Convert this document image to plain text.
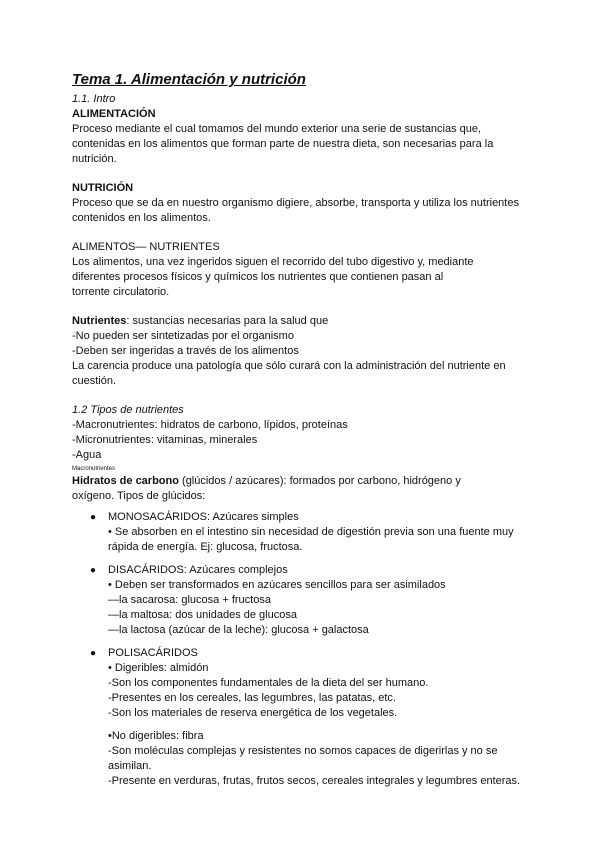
Tema 1. Alimentación y nutrición
1.1. Intro
ALIMENTACIÓN

Proceso mediante el cual tomamos del mundo exterior una serie de sustancias que,

contenidas en los alimentos que forman parte de nuestra dieta, son necesarias para la

nutrición.

NUTRICIÓN

Proceso que se da en nuestro organismo digiere, absorbe, transporta y utiliza los nutrientes

contenidos en los alimentos.

ALIMENTOS— NUTRIENTES

Los alimentos, una vez ingeridos siguen el recorrido del tubo digestivo y, mediante

diferentes procesos físicos y químicos los nutrientes que contienen pasan al

torrente circulatorio.

Nutrientes: sustancias necesarias para la salud que

-No pueden ser sintetizadas por el organismo

-Deben ser ingeridas a través de los alimentos

La carencia produce una patología que sólo curará con la administración del nutriente en

cuestión.

1.2 Tipos de nutrientes

-Macronutrientes: hidratos de carbono, lípidos, proteínas

-Micronutrientes: vitaminas, minerales

-Agua

Macronutrientes

Hidratos de carbono (glúcidos / azúcares): formados por carbono, hidrógeno y

oxígeno. Tipos de glúcidos:

● MONOSACÁRIDOS: Azúcares simples

• Se absorben en el intestino sin necesidad de digestión previa son una fuente muy

rápida de energía. Ej: glucosa, fructosa.

● DISACÁRIDOS: Azúcares complejos

• Deben ser transformados en azúcares sencillos para ser asimilados

—la sacarosa: glucosa + fructosa

—la maltosa: dos unidades de glucosa

—la lactosa (azúcar de la leche): glucosa + galactosa

● POLISACÁRIDOS

• Digeribles: almidón

-Son los componentes fundamentales de la dieta del ser humano.

-Presentes en los cereales, las legumbres, las patatas, etc.

-Son los materiales de reserva energética de los vegetales.

•No digeribles: fibra

-Son moléculas complejas y resistentes no somos capaces de digerirlas y no se

asimilan.

-Presente en verduras, frutas, frutos secos, cereales integrales y legumbres enteras.
